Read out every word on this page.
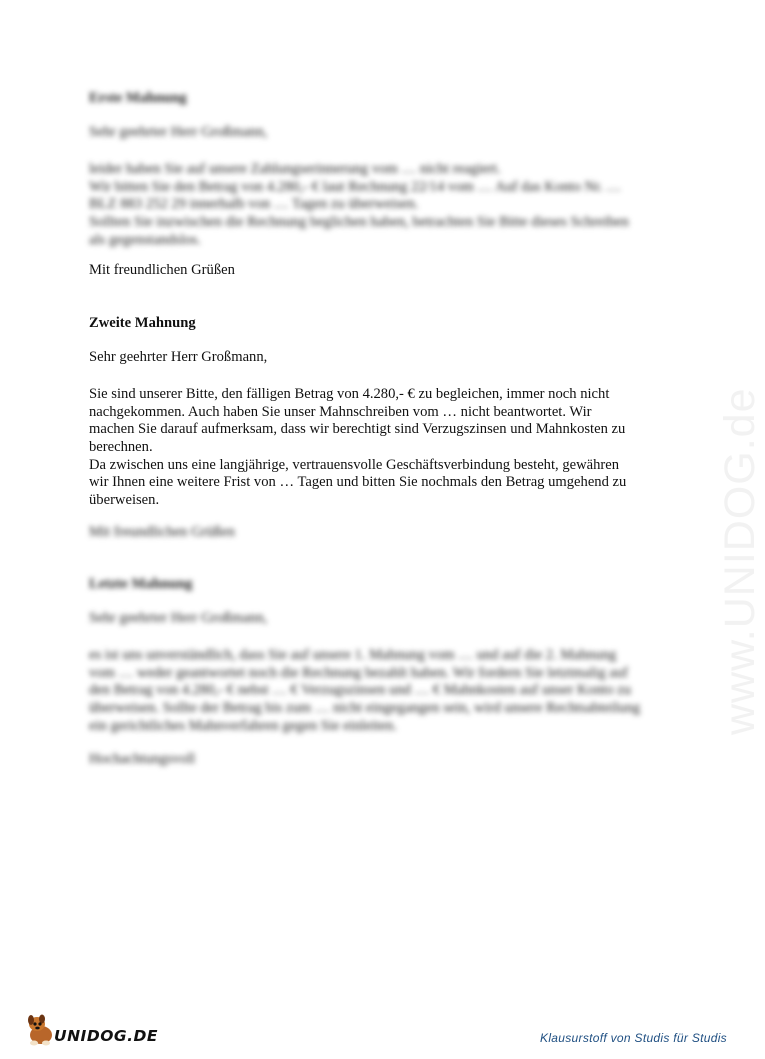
Erste Mahnung

Sehr geehrter Herr Großmann,

leider haben Sie auf unsere Zahlungserinnerung vom … nicht reagiert.
Wir bitten Sie den Betrag von 4.280,- € laut Rechnung 22/14 vom … Auf das Konto Nr. …
BLZ 883 252 29 innerhalb von … Tagen zu überweisen.
Sollten Sie inzwischen die Rechnung beglichen haben, betrachten Sie Bitte dieses Schreiben
als gegenstandslos.

Mit freundlichen Grüßen

Zweite Mahnung

Sehr geehrter Herr Großmann,

Sie sind unserer Bitte, den fälligen Betrag von 4.280,- € zu begleichen, immer noch nicht
nachgekommen. Auch haben Sie unser Mahnschreiben vom … nicht beantwortet. Wir
machen Sie darauf aufmerksam, dass wir berechtigt sind Verzugszinsen und Mahnkosten zu
berechnen.
Da zwischen uns eine langjährige, vertrauensvolle Geschäftsverbindung besteht, gewähren
wir Ihnen eine weitere Frist von … Tagen und bitten Sie nochmals den Betrag umgehend zu
überweisen.

Mit freundlichen Grüßen

Letzte Mahnung

Sehr geehrter Herr Großmann,

es ist uns unverständlich, dass Sie auf unsere 1. Mahnung vom … und auf die 2. Mahnung
vom … weder geantwortet noch die Rechnung bezahlt haben. Wir fordern Sie letztmalig auf
den Betrag von 4.280,- € nebst … € Verzugszinsen und … € Mahnkosten auf unser Konto zu
überweisen. Sollte der Betrag bis zum … nicht eingegangen sein, wird unsere Rechtsabteilung
ein gerichtliches Mahnverfahren gegen Sie einleiten.

Hochachtungsvoll

www.UNIDOG.de
UNIDOG.DE	Klausurstoff von Studis für Studis
